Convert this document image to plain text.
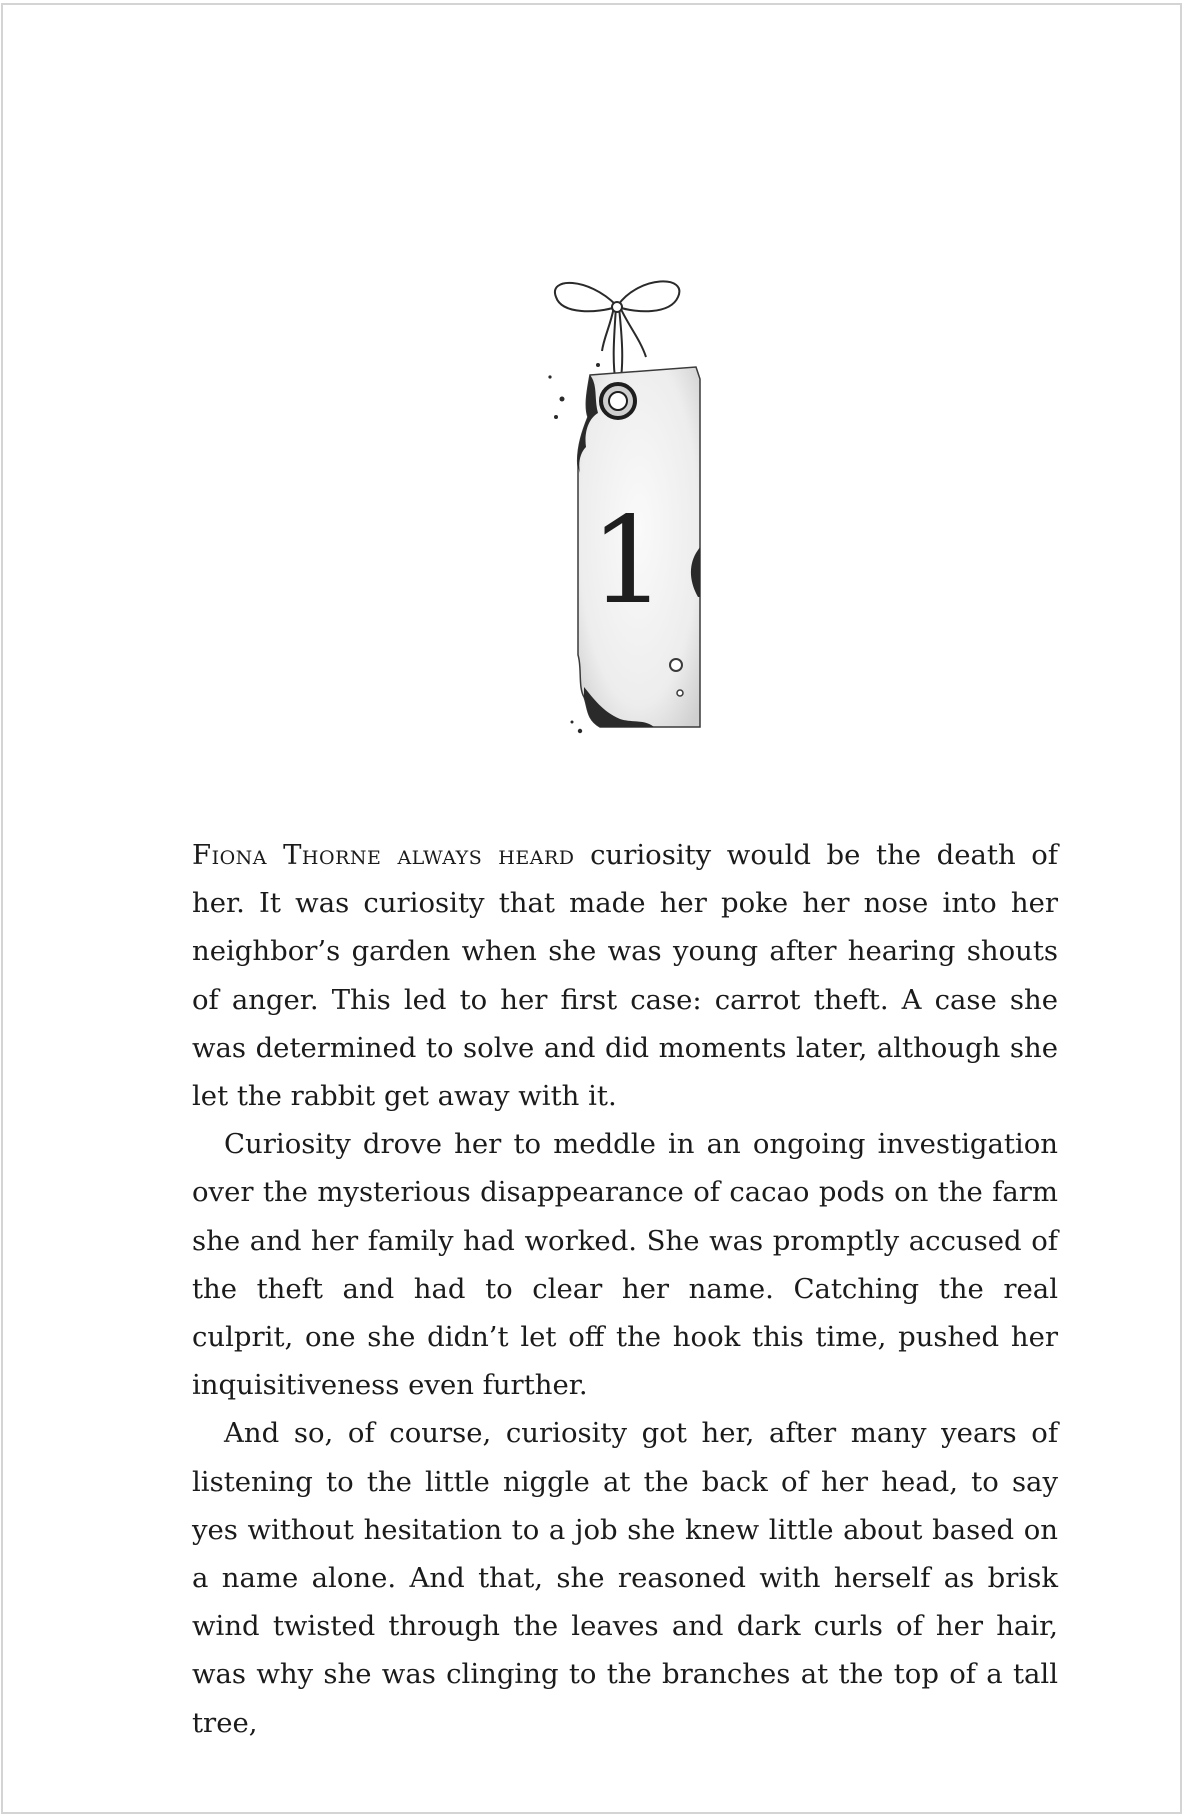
1

Fiona Thorne always heard curiosity would be the death of her. It was curiosity that made her poke her nose into her neighbor’s garden when she was young after hearing shouts of anger. This led to her first case: carrot theft. A case she was determined to solve and did moments later, although she let the rabbit get away with it.

Curiosity drove her to meddle in an ongoing investigation over the mysterious disappearance of cacao pods on the farm she and her family had worked. She was promptly accused of the theft and had to clear her name. Catching the real culprit, one she didn’t let off the hook this time, pushed her inquisitiveness even further.

And so, of course, curiosity got her, after many years of listening to the little niggle at the back of her head, to say yes without hesitation to a job she knew little about based on a name alone. And that, she reasoned with herself as brisk wind twisted through the leaves and dark curls of her hair, was why she was clinging to the branches at the top of a tall tree,
